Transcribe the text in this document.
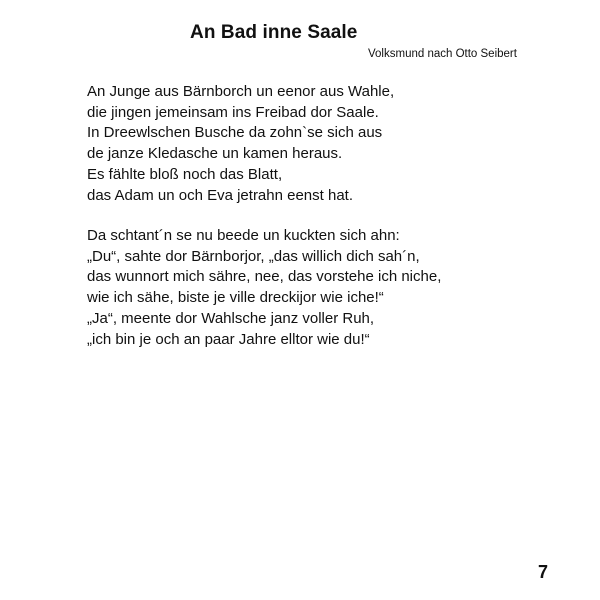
An Bad inne Saale
Volksmund nach Otto Seibert
An Junge aus Bärnborch un eenor aus Wahle,
die jingen jemeinsam ins Freibad dor Saale.
In Dreewlschen Busche da zohn`se sich aus
de janze Kledasche un kamen heraus.
Es fählte bloß noch das Blatt,
das Adam un och Eva jetrahn eenst hat.
Da schtant´n se nu beede un kuckten sich ahn:
„Du“, sahte dor Bärnborjor, „das willich dich sah´n,
das wunnort mich sähre, nee, das vorstehe ich niche,
wie ich sähe, biste je ville dreckijor wie iche!“
„Ja“, meente dor Wahlsche janz voller Ruh,
„ich bin je och an paar Jahre elltor wie du!“
7
